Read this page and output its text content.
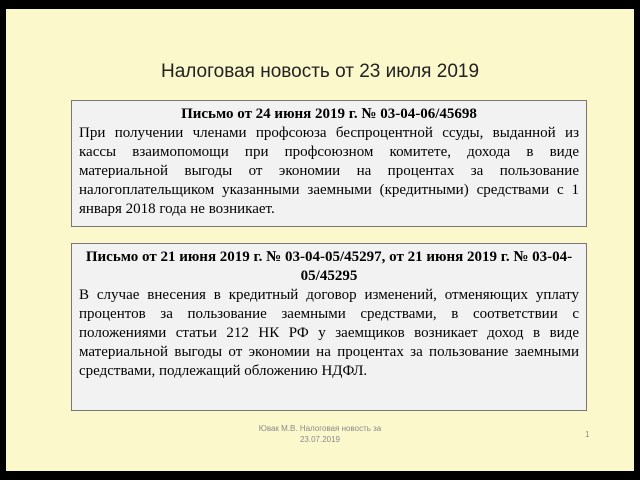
Налоговая новость от 23 июля 2019

Письмо от 24 июня 2019 г. № 03-04-06/45698

При получении членами профсоюза беспроцентной ссуды, выданной из кассы взаимопомощи при профсоюзном комитете, дохода в виде материальной выгоды от экономии на процентах за пользование налогоплательщиком указанными заемными (кредитными) средствами с 1 января 2018 года не возникает.

Письмо от 21 июня 2019 г. № 03-04-05/45297, от 21 июня 2019 г. № 03-04-05/45295

В случае внесения в кредитный договор изменений, отменяющих уплату процентов за пользование заемными средствами, в соответствии с положениями статьи 212 НК РФ у заемщиков возникает доход в виде материальной выгоды от экономии на процентах за пользование заемными средствами, подлежащий обложению НДФЛ.

Ювак М.В. Налоговая новость за
23.07.2019
1
